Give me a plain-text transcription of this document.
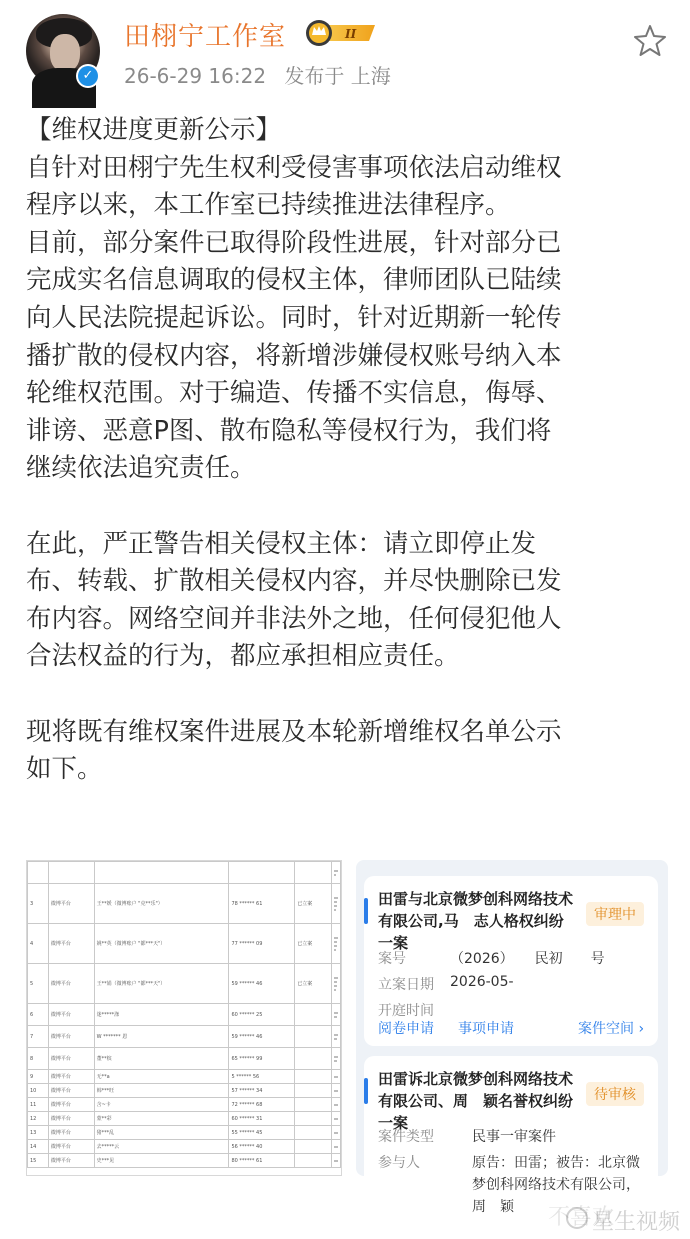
✓
田栩宁工作室	II
26-6-29 16:22 发布于 上海

【维权进度更新公示】

自针对田栩宁先生权利受侵害事项依法启动维权
程序以来，本工作室已持续推进法律程序。

目前，部分案件已取得阶段性进展，针对部分已
完成实名信息调取的侵权主体，律师团队已陆续
向人民法院提起诉讼。同时，针对近期新一轮传
播扩散的侵权内容，将新增涉嫌侵权账号纳入本
轮维权范围。对于编造、传播不实信息，侮辱、
诽谤、恶意P图、散布隐私等侵权行为，我们将
继续依法追究责任。

在此，严正警告相关侵权主体：请立即停止发
布、转载、扩散相关侵权内容，并尽快删除已发
布内容。网络空间并非法外之地，任何侵犯他人
合法权益的行为，都应承担相应责任。

现将既有维权案件进展及本轮新增维权名单公示
如下。

3	微博平台	王**媛（微博账户 "克**乐"）	78 ****** 61	已立案	

4	微博平台	姚**英（微博账户 "都***天"）	77 ****** 09	已立案	

5	微博平台	王**娟（微博账户 "都***天"）	59 ****** 46	已立案	

6	微博平台	迷*****涤	60 ****** 25		

7	微博平台	W ******* 恩	59 ****** 46		

8	微博平台	董**槟	65 ****** 99		

9	微博平台	无**a	5 ****** 56		

10	微博平台	韩***旺	57 ****** 34		

11	微博平台	含~卡	72 ****** 68		

12	微博平台	蒙**彩	60 ****** 31		

13	微博平台	猪***乱	55 ****** 45		

14	微博平台	去*****云	56 ****** 40		

15	微博平台	史***见	80 ****** 61		
田雷与北京微梦创科网络技术有限公司,马　志人格权纠纷一案
审理中
案号	（2026）　　民初　　号
立案日期 2026-05-
开庭时间
阅卷申请 事项申请	案件空间 ›
田雷诉北京微梦创科网络技术有限公司、周　颖名誉权纠纷一案
待审核
案件类型	民事一审案件
参与人	原告：田雷；被告：北京微梦创科网络技术有限公司，周　颖
星生视频
不喜欢
